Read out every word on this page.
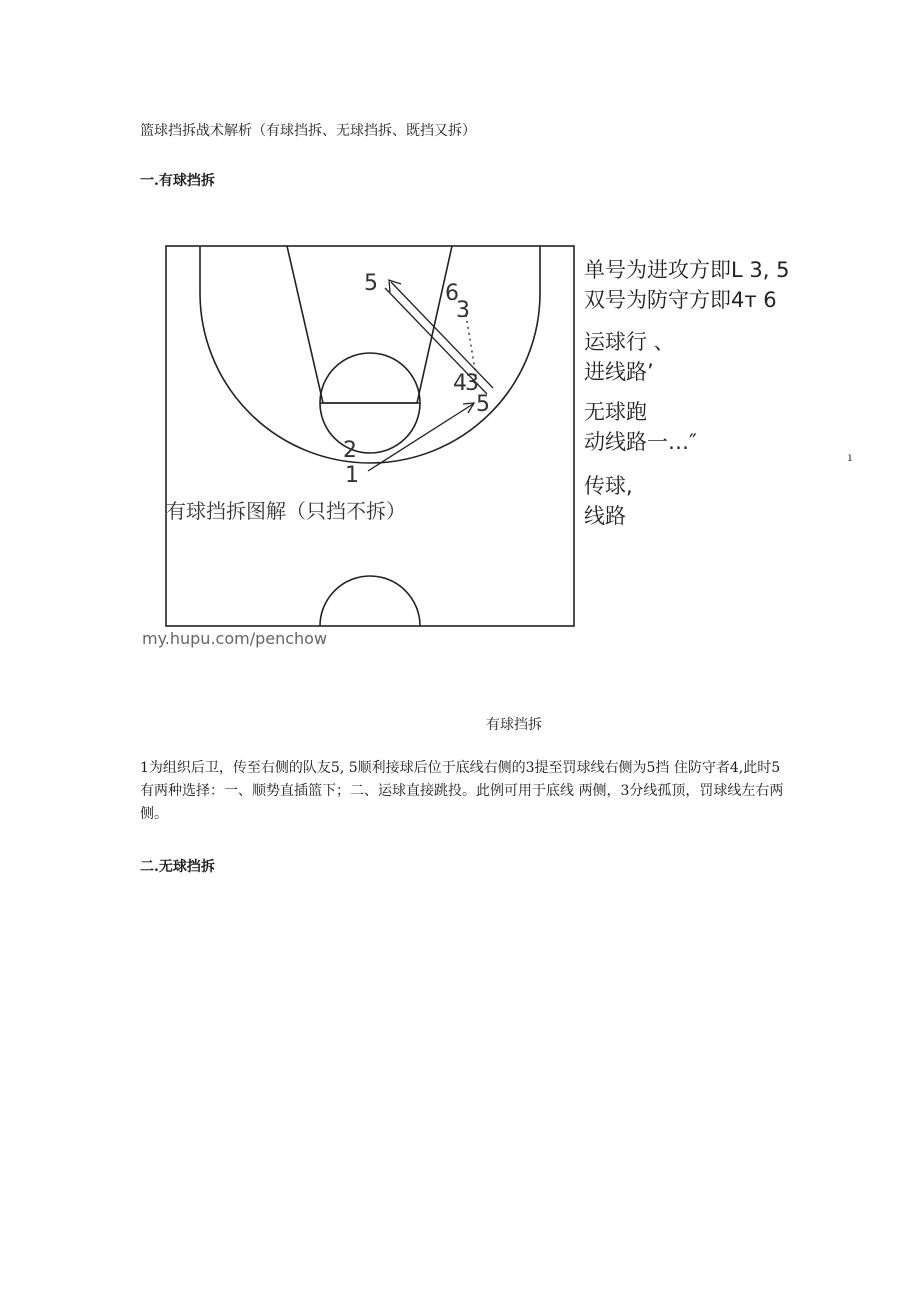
篮球挡拆战术解析（有球挡拆、无球挡拆、既挡又拆）
一.有球挡拆
5	6
3
4
3
5
2
1
有球挡拆图解（只挡不拆）
my.hupu.com/penchow
单号为进攻方即L 3, 5
双号为防守方即4т 6
运球行 、
进线路’
无球跑
动线路一…″
传球,
线路
ı
有球挡拆
1为组织后卫，传至右侧的队友5, 5顺利接球后位于底线右侧的3提至罚球线右侧为5挡 住防守者4,此时5
有两种选择：一、顺势直插篮下；二、运球直接跳投。此例可用于底线 两侧，3分线孤顶，罚球线左右两
侧。
二.无球挡拆
